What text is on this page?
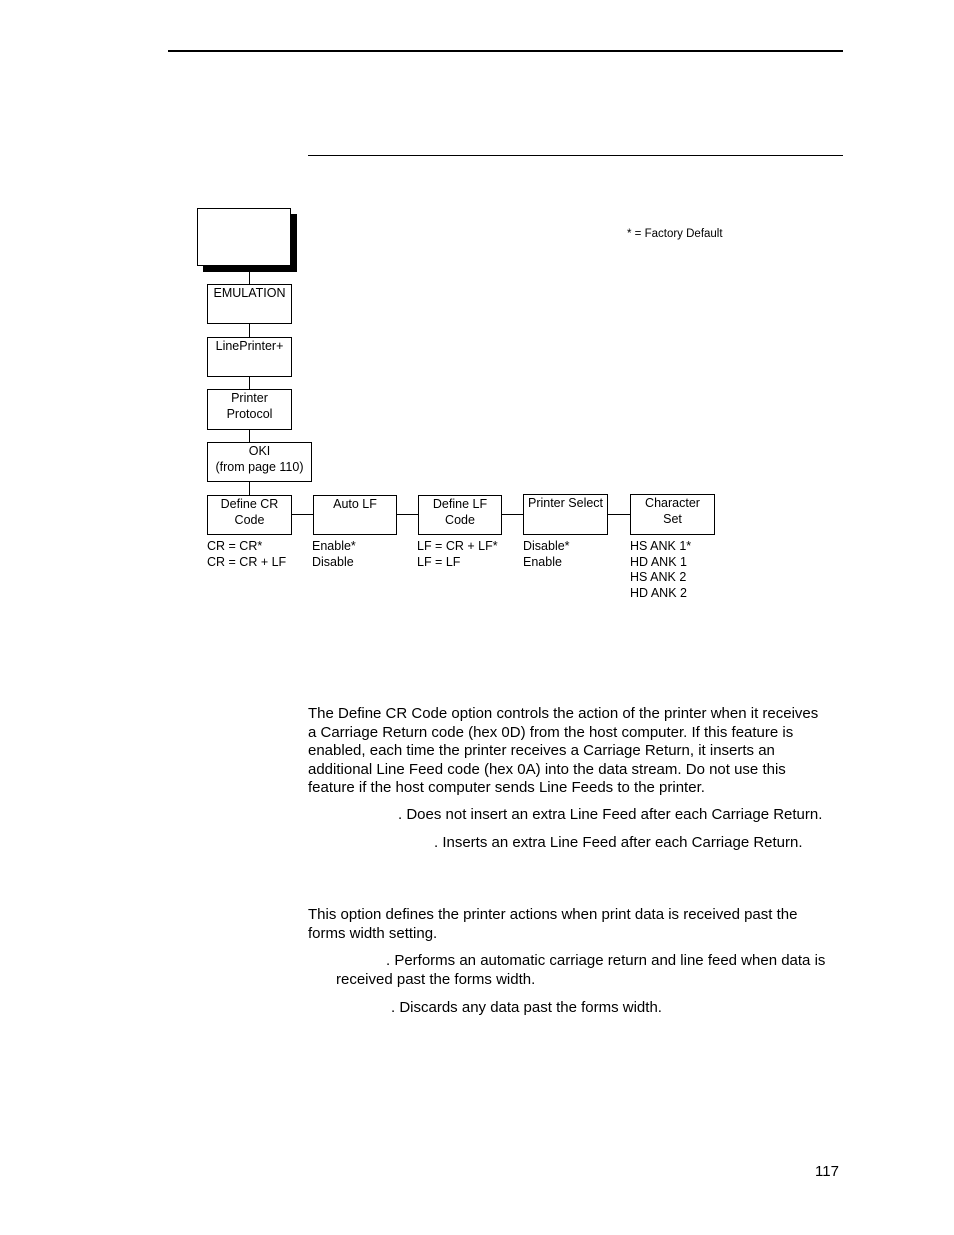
* = Factory Default
EMULATION
LinePrinter+
Printer
Protocol
OKI
(from page 110)
Define CR
Code
Auto LF	Define LF
Code
Printer Select	Character
Set
CR = CR*
CR = CR + LF
Enable*
Disable
LF = CR + LF*
LF = LF
Disable*
Enable
HS ANK 1*
HD ANK 1
HS ANK 2
HD ANK 2
The Define CR Code option controls the action of the printer when it receives
a Carriage Return code (hex 0D) from the host computer. If this feature is
enabled, each time the printer receives a Carriage Return, it inserts an
additional Line Feed code (hex 0A) into the data stream. Do not use this
feature if the host computer sends Line Feeds to the printer.
. Does not insert an extra Line Feed after each Carriage Return.
. Inserts an extra Line Feed after each Carriage Return.
This option defines the printer actions when print data is received past the
forms width setting.
. Performs an automatic carriage return and line feed when data is
received past the forms width.
. Discards any data past the forms width.
117
